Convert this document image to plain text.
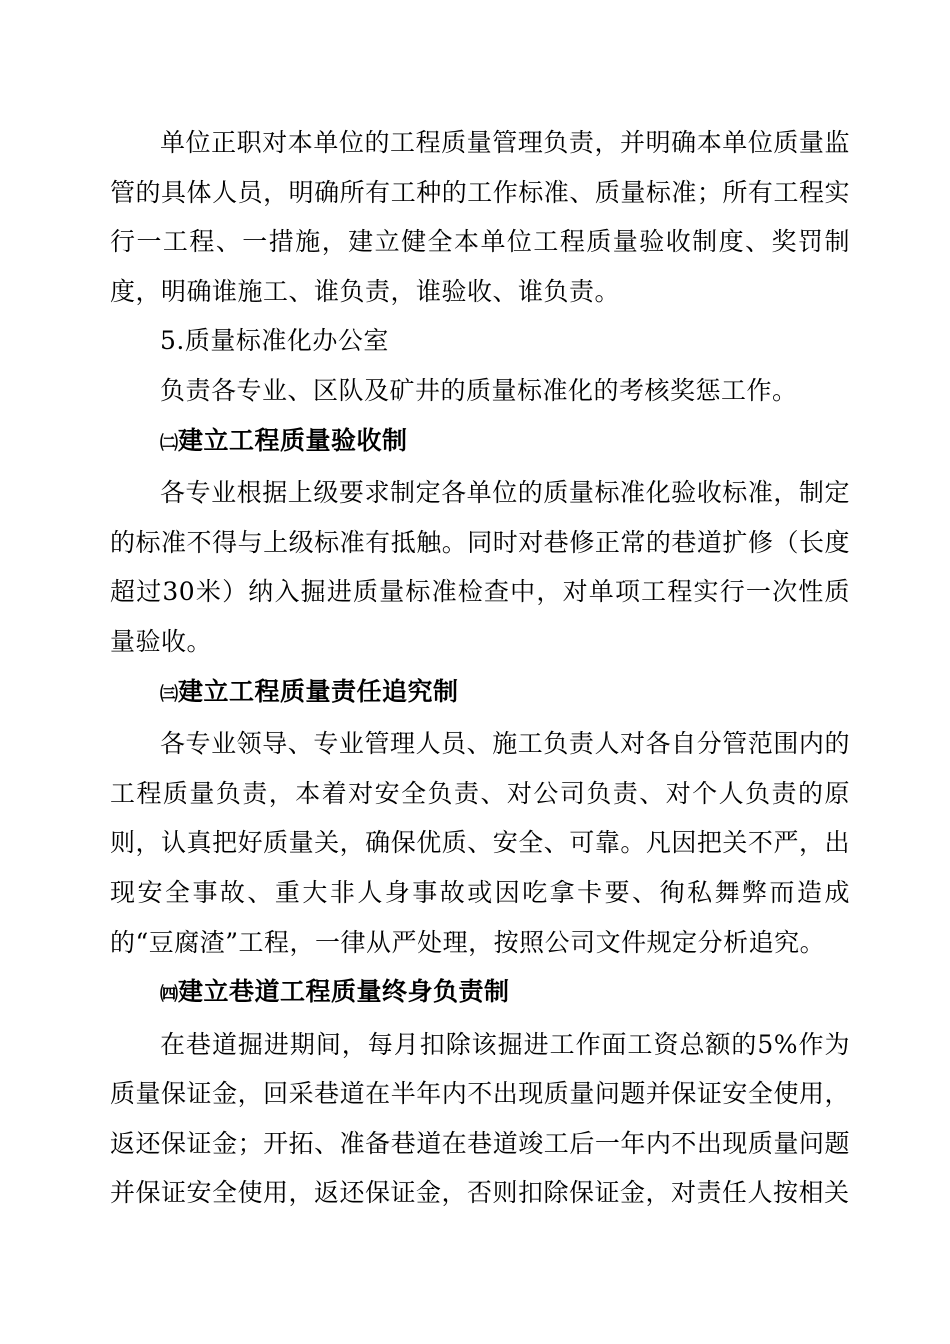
单位正职对本单位的工程质量管理负责，并明确本单位质量监管的具体人员，明确所有工种的工作标准、质量标准；所有工程实行一工程、一措施，建立健全本单位工程质量验收制度、奖罚制度，明确谁施工、谁负责，谁验收、谁负责。

5.质量标准化办公室

负责各专业、区队及矿井的质量标准化的考核奖惩工作。

㈡建立工程质量验收制

各专业根据上级要求制定各单位的质量标准化验收标准，制定的标准不得与上级标准有抵触。同时对巷修正常的巷道扩修（长度超过30米）纳入掘进质量标准检查中，对单项工程实行一次性质量验收。

㈢建立工程质量责任追究制

各专业领导、专业管理人员、施工负责人对各自分管范围内的工程质量负责，本着对安全负责、对公司负责、对个人负责的原则，认真把好质量关，确保优质、安全、可靠。凡因把关不严，出现安全事故、重大非人身事故或因吃拿卡要、徇私舞弊而造成的“豆腐渣”工程，一律从严处理，按照公司文件规定分析追究。

㈣建立巷道工程质量终身负责制

在巷道掘进期间，每月扣除该掘进工作面工资总额的5%作为质量保证金，回采巷道在半年内不出现质量问题并保证安全使用，返还保证金；开拓、准备巷道在巷道竣工后一年内不出现质量问题并保证安全使用，返还保证金，否则扣除保证金，对责任人按相关
